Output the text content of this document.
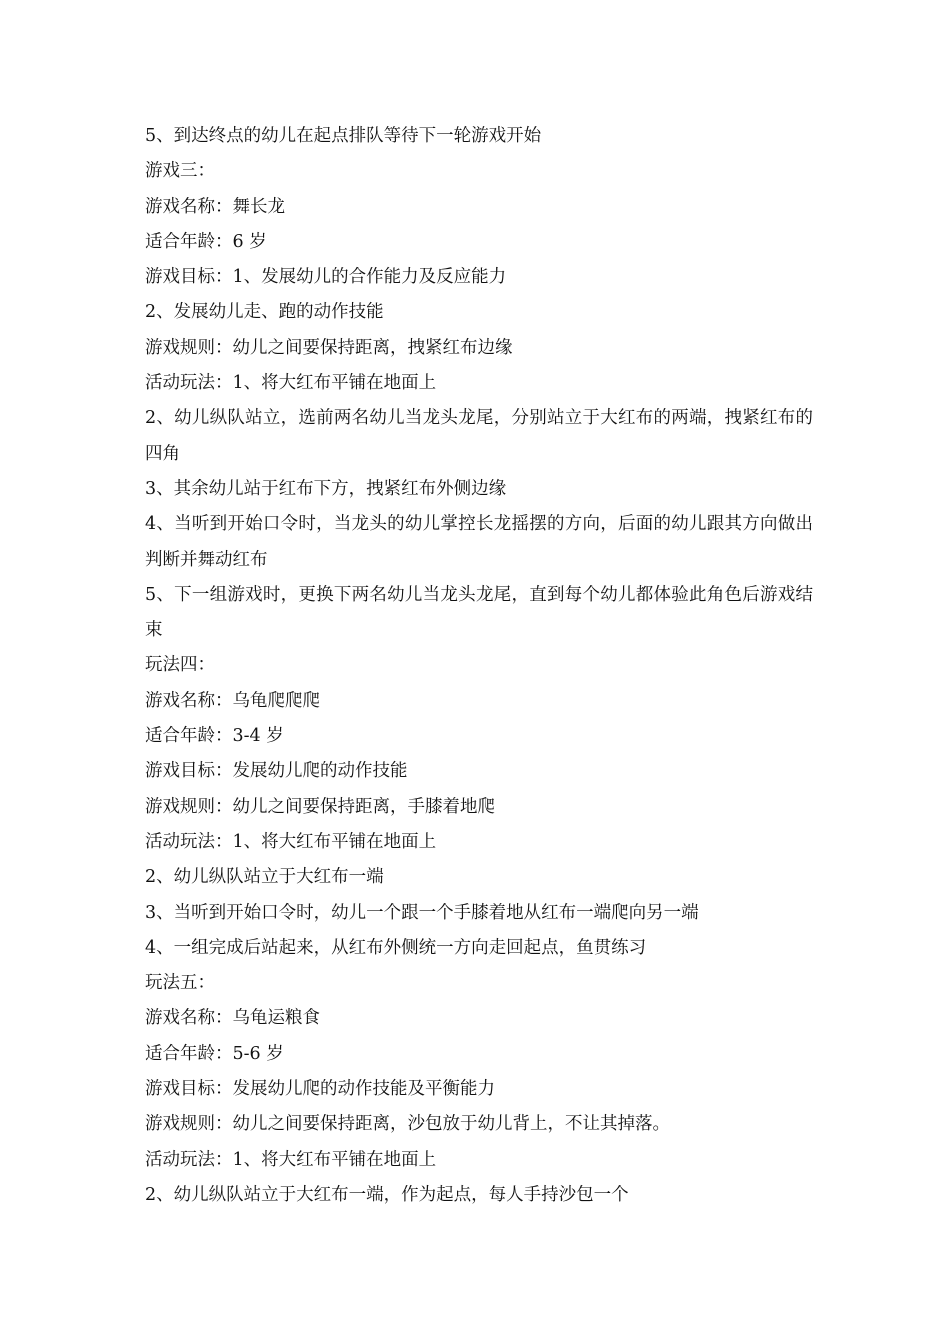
5、到达终点的幼儿在起点排队等待下一轮游戏开始

游戏三：

游戏名称：舞长龙

适合年龄：6 岁

游戏目标：1、发展幼儿的合作能力及反应能力

2、发展幼儿走、跑的动作技能

游戏规则：幼儿之间要保持距离，拽紧红布边缘

活动玩法：1、将大红布平铺在地面上

2、幼儿纵队站立，选前两名幼儿当龙头龙尾，分别站立于大红布的两端，拽紧红布的四角

3、其余幼儿站于红布下方，拽紧红布外侧边缘

4、当听到开始口令时，当龙头的幼儿掌控长龙摇摆的方向，后面的幼儿跟其方向做出判断并舞动红布

5、下一组游戏时，更换下两名幼儿当龙头龙尾，直到每个幼儿都体验此角色后游戏结束

玩法四：

游戏名称：乌龟爬爬爬

适合年龄：3-4 岁

游戏目标：发展幼儿爬的动作技能

游戏规则：幼儿之间要保持距离，手膝着地爬

活动玩法：1、将大红布平铺在地面上

2、幼儿纵队站立于大红布一端

3、当听到开始口令时，幼儿一个跟一个手膝着地从红布一端爬向另一端

4、一组完成后站起来，从红布外侧统一方向走回起点，鱼贯练习

玩法五：

游戏名称：乌龟运粮食

适合年龄：5-6 岁

游戏目标：发展幼儿爬的动作技能及平衡能力

游戏规则：幼儿之间要保持距离，沙包放于幼儿背上，不让其掉落。

活动玩法：1、将大红布平铺在地面上

2、幼儿纵队站立于大红布一端，作为起点，每人手持沙包一个
